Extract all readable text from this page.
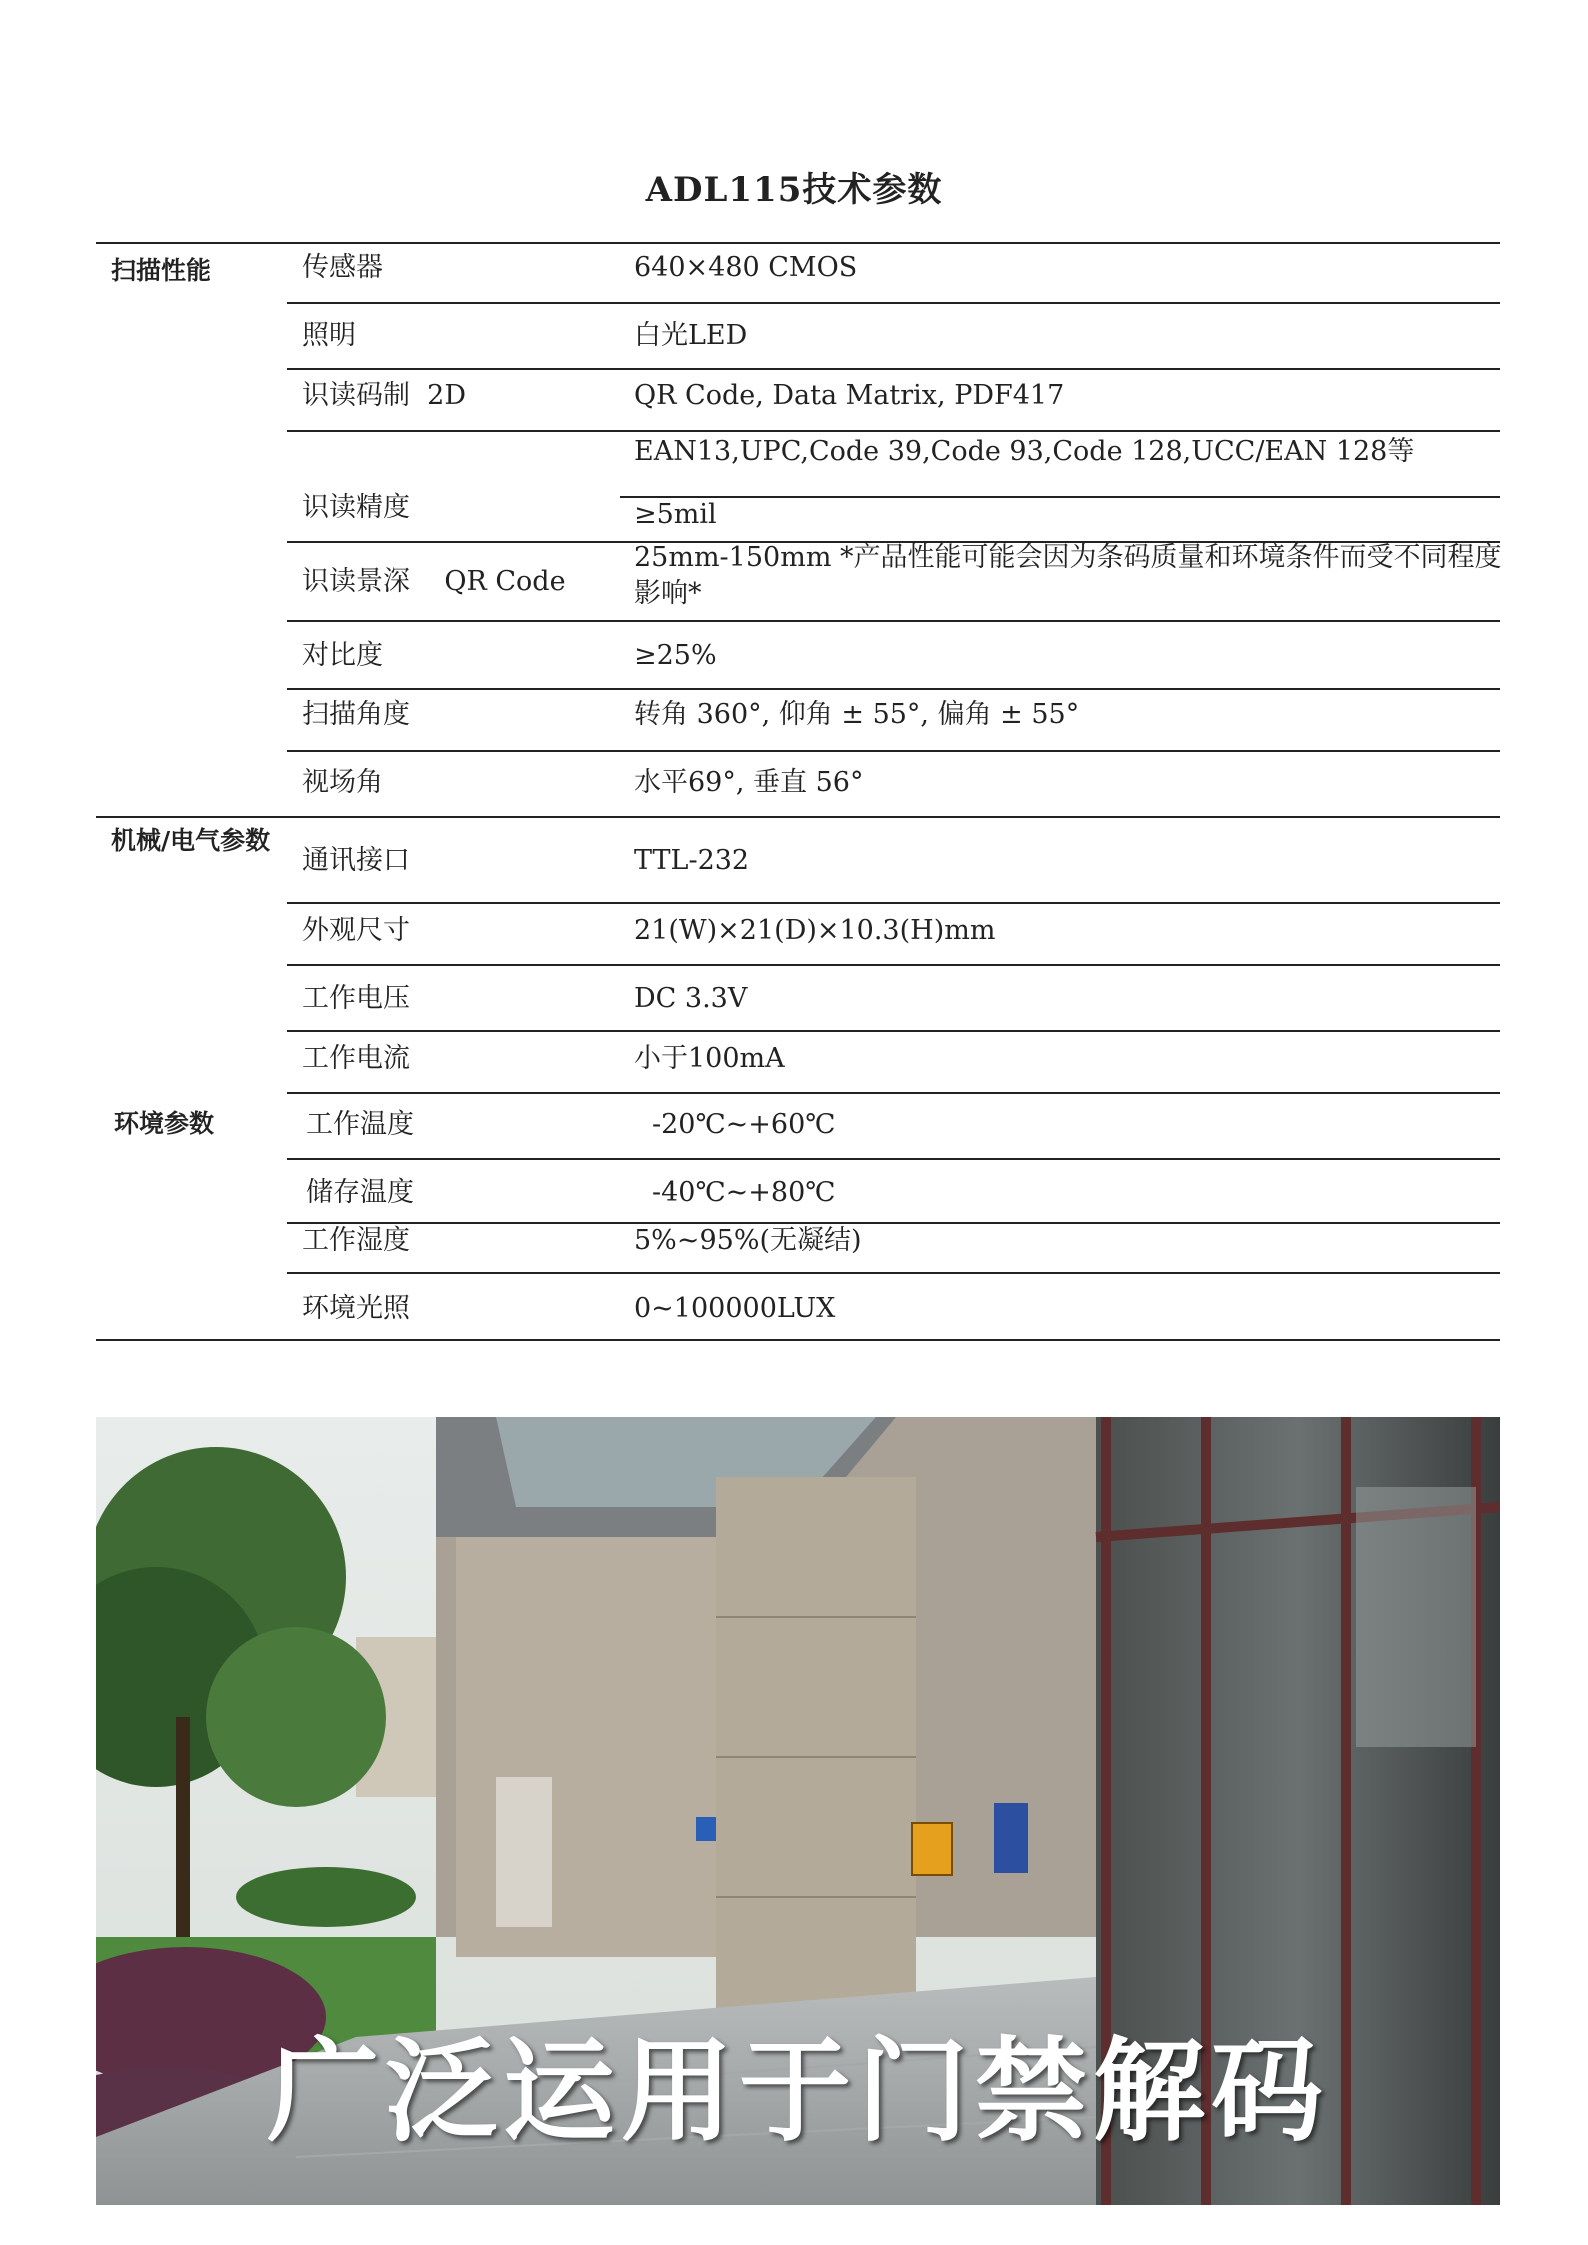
ADL115技术参数
扫描性能
机械/电气参数
环境参数
传感器
照明
识读码制  2D
识读精度
识读景深    QR Code
对比度
扫描角度
视场角
通讯接口
外观尺寸
工作电压
工作电流
工作温度
储存温度
工作湿度
环境光照
640×480 CMOS
白光LED
QR Code, Data Matrix, PDF417
EAN13,UPC,Code 39,Code 93,Code 128,UCC/EAN 128等
≥5mil
25mm-150mm *产品性能可能会因为条码质量和环境条件而受不同程度影响*
≥25%
转角 360°, 仰角 ± 55°, 偏角 ± 55°
水平69°, 垂直 56°
TTL-232
21(W)×21(D)×10.3(H)mm
DC 3.3V
小于100mA
-20℃~+60℃
-40℃~+80℃
5%~95%(无凝结)
0~100000LUX
广泛运用于门禁解码
